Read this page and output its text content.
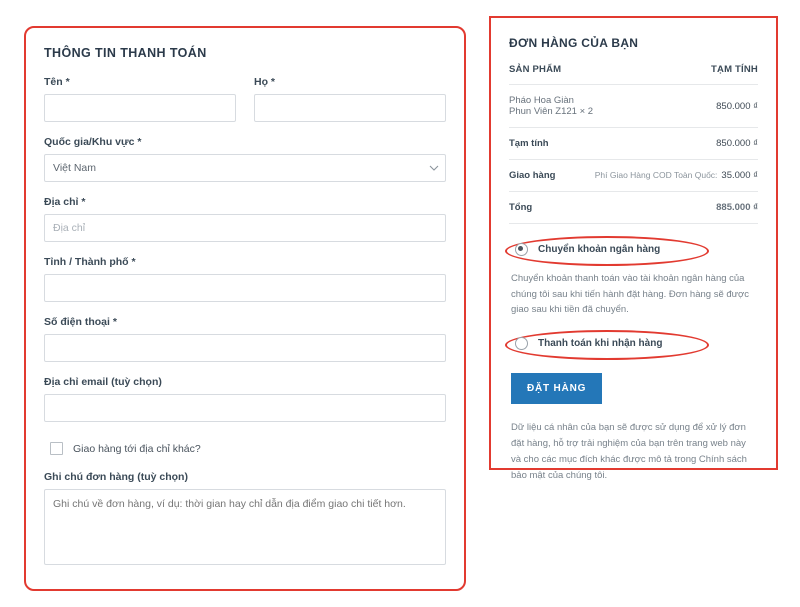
THÔNG TIN THANH TOÁN
Tên *	Họ *
Quốc gia/Khu vực *
Việt Nam
Địa chỉ *
Địa chỉ
Tỉnh / Thành phố *
Số điện thoại *
Địa chỉ email (tuỳ chọn)
Giao hàng tới địa chỉ khác?
Ghi chú đơn hàng (tuỳ chọn)
Ghi chú về đơn hàng, ví dụ: thời gian hay chỉ dẫn địa điểm giao chi tiết hơn.
ĐƠN HÀNG CỦA BẠN
SẢN PHẨM	TẠM TÍNH
Pháo Hoa Giàn Phun Viên Z121 × 2	850.000 ₫
Tạm tính	850.000 ₫
Giao hàng	Phí Giao Hàng COD Toàn Quốc: 35.000 ₫
Tổng	885.000 ₫
Chuyển khoản ngân hàng
Chuyển khoản thanh toán vào tài khoản ngân hàng của chúng tôi sau khi tiến hành đặt hàng. Đơn hàng sẽ được giao sau khi tiền đã chuyển.
Thanh toán khi nhận hàng
ĐẶT HÀNG
Dữ liệu cá nhân của bạn sẽ được sử dụng để xử lý đơn đặt hàng, hỗ trợ trải nghiệm của bạn trên trang web này và cho các mục đích khác được mô tả trong Chính sách bảo mật của chúng tôi.
